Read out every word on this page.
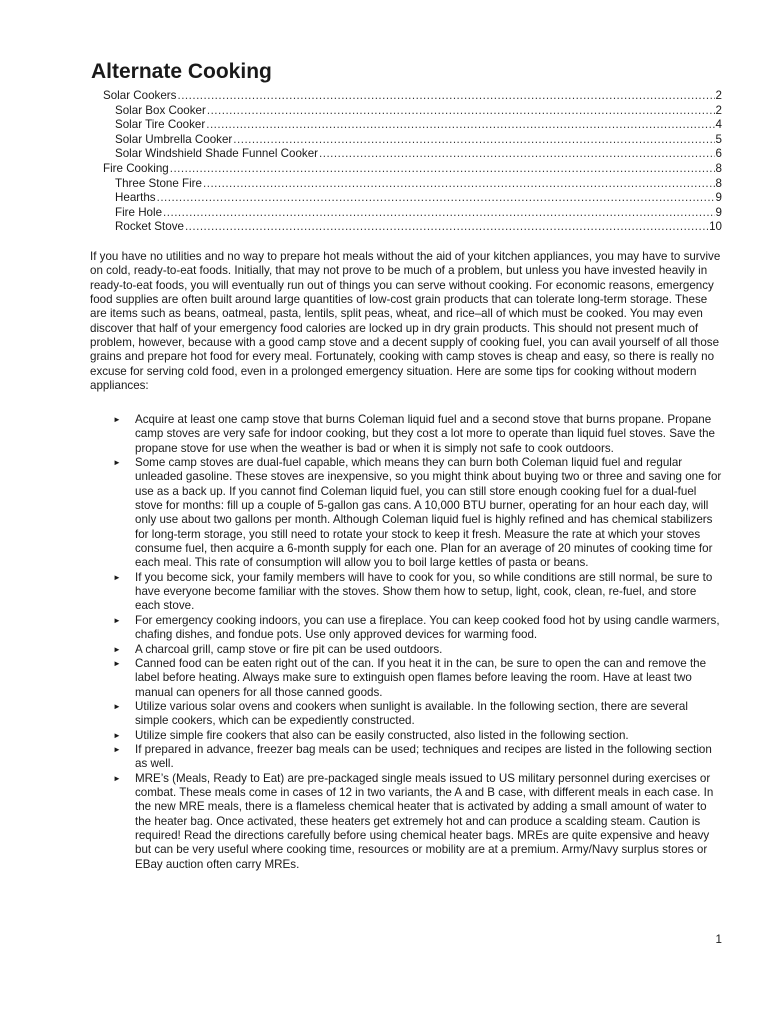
Alternate Cooking
Solar Cookers .....	2
Solar Box Cooker .....	2
Solar Tire Cooker .....	4
Solar Umbrella Cooker .....	5
Solar Windshield Shade Funnel Cooker .....	6
Fire Cooking .....	8
Three Stone Fire .....	8
Hearths .....	9
Fire Hole .....	9
Rocket Stove .....	10

If you have no utilities and no way to prepare hot meals without the aid of your kitchen appliances, you may have to survive on cold, ready-to-eat foods. Initially, that may not prove to be much of a problem, but unless you have invested heavily in ready-to-eat foods, you will eventually run out of things you can serve without cooking. For economic reasons, emergency food supplies are often built around large quantities of low-cost grain products that can tolerate long-term storage. These are items such as beans, oatmeal, pasta, lentils, split peas, wheat, and rice–all of which must be cooked. You may even discover that half of your emergency food calories are locked up in dry grain products. This should not present much of problem, however, because with a good camp stove and a decent supply of cooking fuel, you can avail yourself of all those grains and prepare hot food for every meal. Fortunately, cooking with camp stoves is cheap and easy, so there is really no excuse for serving cold food, even in a prolonged emergency situation. Here are some tips for cooking without modern appliances:

► Acquire at least one camp stove that burns Coleman liquid fuel and a second stove that burns propane. Propane camp stoves are very safe for indoor cooking, but they cost a lot more to operate than liquid fuel stoves. Save the propane stove for use when the weather is bad or when it is simply not safe to cook outdoors.
► Some camp stoves are dual-fuel capable, which means they can burn both Coleman liquid fuel and regular unleaded gasoline. These stoves are inexpensive, so you might think about buying two or three and saving one for use as a back up. If you cannot find Coleman liquid fuel, you can still store enough cooking fuel for a dual-fuel stove for months: fill up a couple of 5-gallon gas cans. A 10,000 BTU burner, operating for an hour each day, will only use about two gallons per month. Although Coleman liquid fuel is highly refined and has chemical stabilizers for long-term storage, you still need to rotate your stock to keep it fresh. Measure the rate at which your stoves consume fuel, then acquire a 6-month supply for each one. Plan for an average of 20 minutes of cooking time for each meal. This rate of consumption will allow you to boil large kettles of pasta or beans.
► If you become sick, your family members will have to cook for you, so while conditions are still normal, be sure to have everyone become familiar with the stoves. Show them how to setup, light, cook, clean, re-fuel, and store each stove.
► For emergency cooking indoors, you can use a fireplace. You can keep cooked food hot by using candle warmers, chafing dishes, and fondue pots. Use only approved devices for warming food.
► A charcoal grill, camp stove or fire pit can be used outdoors.
► Canned food can be eaten right out of the can. If you heat it in the can, be sure to open the can and remove the label before heating. Always make sure to extinguish open flames before leaving the room. Have at least two manual can openers for all those canned goods.
► Utilize various solar ovens and cookers when sunlight is available. In the following section, there are several simple cookers, which can be expediently constructed.
► Utilize simple fire cookers that also can be easily constructed, also listed in the following section.
► If prepared in advance, freezer bag meals can be used; techniques and recipes are listed in the following section as well.
► MRE’s (Meals, Ready to Eat) are pre-packaged single meals issued to US military personnel during exercises or combat. These meals come in cases of 12 in two variants, the A and B case, with different meals in each case. In the new MRE meals, there is a flameless chemical heater that is activated by adding a small amount of water to the heater bag. Once activated, these heaters get extremely hot and can produce a scalding steam. Caution is required! Read the directions carefully before using chemical heater bags. MREs are quite expensive and heavy but can be very useful where cooking time, resources or mobility are at a premium. Army/Navy surplus stores or EBay auction often carry MREs.
1
